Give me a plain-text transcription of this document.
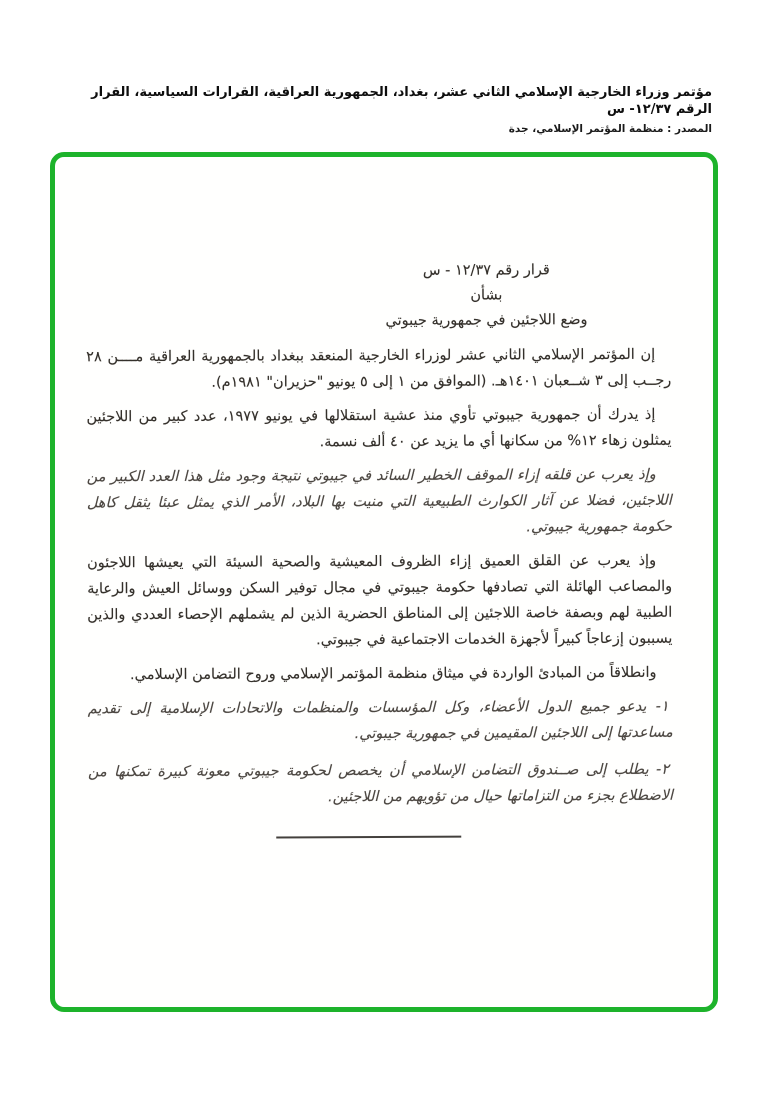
مؤتمر وزراء الخارجية الإسلامي الثاني عشر، بغداد، الجمهورية العراقية، القرارات السياسية، القرار الرقم ١٢/٣٧- س
المصدر : منظمة المؤتمر الإسلامي، جدة
قرار رقم ١٢/٣٧ - س
بشأن
وضع اللاجئين في جمهورية جيبوتي

إن المؤتمر الإسلامي الثاني عشر لوزراء الخارجية المنعقد ببغداد بالجمهورية العراقية مــــن ٢٨ رجــب إلى ٣ شــعبان ١٤٠١هـ. (الموافق من ١ إلى ٥ يونيو "حزيران" ١٩٨١م).

إذ يدرك أن جمهورية جيبوتي تأوي منذ عشية استقلالها في يونيو ١٩٧٧، عدد كبير من اللاجئين يمثلون زهاء ١٢% من سكانها أي ما يزيد عن ٤٠ ألف نسمة.

وإذ يعرب عن قلقه إزاء الموقف الخطير السائد في جيبوتي نتيجة وجود مثل هذا العدد الكبير من اللاجئين، فضلا عن آثار الكوارث الطبيعية التي منيت بها البلاد، الأمر الذي يمثل عبئا يثقل كاهل حكومة جمهورية جيبوتي.

وإذ يعرب عن القلق العميق إزاء الظروف المعيشية والصحية السيئة التي يعيشها اللاجئون والمصاعب الهائلة التي تصادفها حكومة جيبوتي في مجال توفير السكن ووسائل العيش والرعاية الطبية لهم وبصفة خاصة اللاجئين إلى المناطق الحضرية الذين لم يشملهم الإحصاء العددي والذين يسببون إزعاجاً كبيراً لأجهزة الخدمات الاجتماعية في جيبوتي.

وانطلاقاً من المبادئ الواردة في ميثاق منظمة المؤتمر الإسلامي وروح التضامن الإسلامي.

١- يدعو جميع الدول الأعضاء، وكل المؤسسات والمنظمات والاتحادات الإسلامية إلى تقديم مساعدتها إلى اللاجئين المقيمين في جمهورية جيبوتي.

٢- يطلب إلى صــندوق التضامن الإسلامي أن يخصص لحكومة جيبوتي معونة كبيرة تمكنها من الاضطلاع بجزء من التزاماتها حيال من تؤويهم من اللاجئين.
